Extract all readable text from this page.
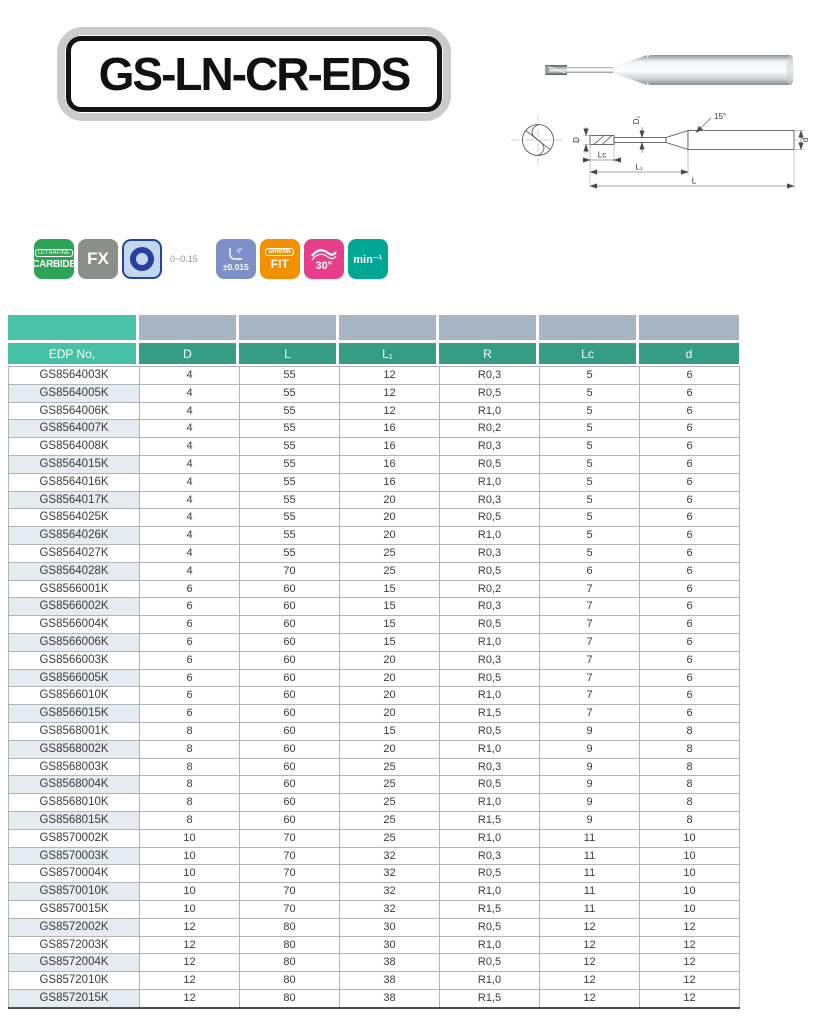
GS-LN-CR-EDS
D
D₁	15°
d
Lc
L₁
L
ULTRAFINE
CARBIDE FX	0~0.15
R
±0.015
SHRINK
FIT 30° min⁻¹
EDP No,	D	L	L₁	R	Lc	d
GS8564003K	4	55	12	R0,3	5	6
GS8564005K	4	55	12	R0,5	5	6
GS8564006K	4	55	12	R1,0	5	6
GS8564007K	4	55	16	R0,2	5	6
GS8564008K	4	55	16	R0,3	5	6
GS8564015K	4	55	16	R0,5	5	6
GS8564016K	4	55	16	R1,0	5	6
GS8564017K	4	55	20	R0,3	5	6
GS8564025K	4	55	20	R0,5	5	6
GS8564026K	4	55	20	R1,0	5	6
GS8564027K	4	55	25	R0,3	5	6
GS8564028K	4	70	25	R0,5	6	6
GS8566001K	6	60	15	R0,2	7	6
GS8566002K	6	60	15	R0,3	7	6
GS8566004K	6	60	15	R0,5	7	6
GS8566006K	6	60	15	R1,0	7	6
GS8566003K	6	60	20	R0,3	7	6
GS8566005K	6	60	20	R0,5	7	6
GS8566010K	6	60	20	R1,0	7	6
GS8566015K	6	60	20	R1,5	7	6
GS8568001K	8	60	15	R0,5	9	8
GS8568002K	8	60	20	R1,0	9	8
GS8568003K	8	60	25	R0,3	9	8
GS8568004K	8	60	25	R0,5	9	8
GS8568010K	8	60	25	R1,0	9	8
GS8568015K	8	60	25	R1,5	9	8
GS8570002K	10	70	25	R1,0	11	10
GS8570003K	10	70	32	R0,3	11	10
GS8570004K	10	70	32	R0,5	11	10
GS8570010K	10	70	32	R1,0	11	10
GS8570015K	10	70	32	R1,5	11	10
GS8572002K	12	80	30	R0,5	12	12
GS8572003K	12	80	30	R1,0	12	12
GS8572004K	12	80	38	R0,5	12	12
GS8572010K	12	80	38	R1,0	12	12
GS8572015K	12	80	38	R1,5	12	12
